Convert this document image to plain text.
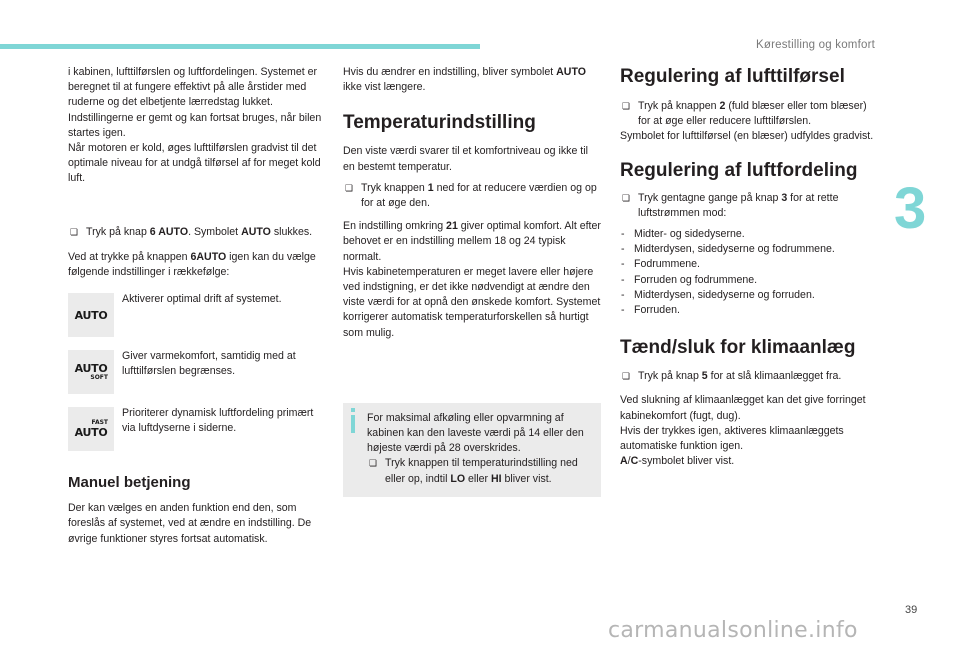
Kørestilling og komfort
3
39
carmanualsonline.info

i kabinen, lufttilførslen og luftfordelingen. Systemet er beregnet til at fungere effektivt på alle årstider med ruderne og det elbetjente lærredstag lukket.

Indstillingerne er gemt og kan fortsat bruges, når bilen startes igen.

Når motoren er kold, øges lufttilførslen gradvist til det optimale niveau for at undgå tilførsel af for meget kold luft.

❏ Tryk på knap 6 AUTO. Symbolet AUTO slukkes.

Ved at trykke på knappen 6AUTO igen kan du vælge følgende indstillinger i rækkefølge:

AUTO
Aktiverer optimal drift af systemet.
AUTO
SOFT
Giver varmekomfort, samtidig med at lufttilførslen begrænses.
FAST
AUTO
Prioriterer dynamisk luftfordeling primært via luftdyserne i siderne.
Manuel betjening

Der kan vælges en anden funktion end den, som foreslås af systemet, ved at ændre en indstilling. De øvrige funktioner styres fortsat automatisk.

Hvis du ændrer en indstilling, bliver symbolet AUTO ikke vist længere.

Temperaturindstilling

Den viste værdi svarer til et komfortniveau og ikke til en bestemt temperatur.

❏ Tryk knappen 1 ned for at reducere værdien og op for at øge den.

En indstilling omkring 21 giver optimal komfort. Alt efter behovet er en indstilling mellem 18 og 24 typisk normalt.

Hvis kabinetemperaturen er meget lavere eller højere ved indstigning, er det ikke nødvendigt at ændre den viste værdi for at opnå den ønskede komfort. Systemet korrigerer automatisk temperaturforskellen så hurtigt som mulig.

For maksimal afkøling eller opvarmning af kabinen kan den laveste værdi på 14 eller den højeste værdi på 28 overskrides.

❏ Tryk knappen til temperaturindstilling ned eller op, indtil LO eller HI bliver vist.
Regulering af lufttilførsel
❏ Tryk på knappen 2 (fuld blæser eller tom blæser) for at øge eller reducere lufttilførslen.

Symbolet for lufttilførsel (en blæser) udfyldes gradvist.

Regulering af luftfordeling
❏ Tryk gentagne gange på knap 3 for at rette luftstrømmen mod:
- Midter- og sidedyserne.
- Midterdysen, sidedyserne og fodrummene.
- Fodrummene.
- Forruden og fodrummene.
- Midterdysen, sidedyserne og forruden.
- Forruden.
Tænd/sluk for klimaanlæg
❏ Tryk på knap 5 for at slå klimaanlægget fra.

Ved slukning af klimaanlægget kan det give forringet kabinekomfort (fugt, dug).

Hvis der trykkes igen, aktiveres klimaanlæggets automatiske funktion igen.

A/C-symbolet bliver vist.
